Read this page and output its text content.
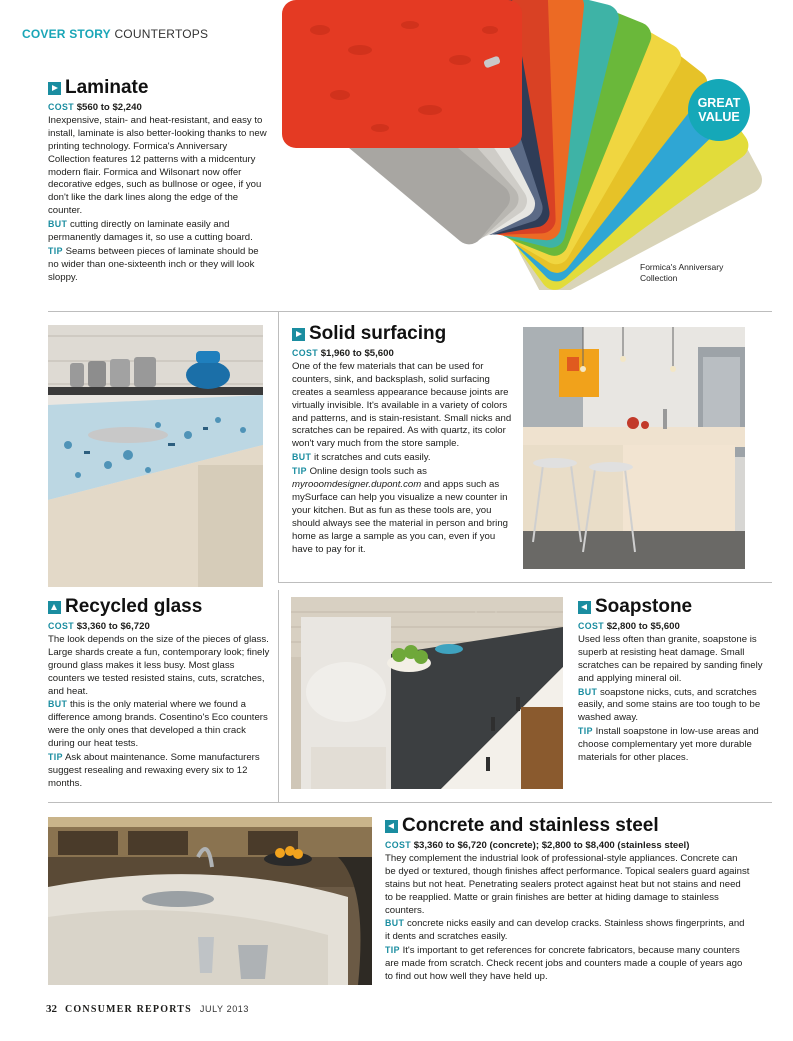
COVER STORY COUNTERTOPS
GREAT
VALUE
Formica's Anniversary Collection
Laminate

COST $560 to $2,240

Inexpensive, stain- and heat-resistant, and easy to install, laminate is also better-looking thanks to new printing technology. Formica's Anniversary Collection features 12 patterns with a midcentury modern flair. Formica and Wilsonart now offer decorative edges, such as bullnose or ogee, if you don't like the dark lines along the edge of the counter.

BUT cutting directly on laminate easily and permanently damages it, so use a cutting board.

TIP Seams between pieces of laminate should be no wider than one-sixteenth inch or they will look sloppy.

Solid surfacing

COST $1,960 to $5,600

One of the few materials that can be used for counters, sink, and backsplash, solid surfacing creates a seamless appearance because joints are virtually invisible. It's available in a variety of colors and patterns, and is stain-resistant. Small nicks and scratches can be repaired. As with quartz, its color won't vary much from the store sample.

BUT it scratches and cuts easily.

TIP Online design tools such as myrooomdesigner.dupont.com and apps such as mySurface can help you visualize a new counter in your kitchen. But as fun as these tools are, you should always see the material in person and bring home as large a sample as you can, even if you have to pay for it.

Recycled glass

COST $3,360 to $6,720

The look depends on the size of the pieces of glass. Large shards create a fun, contemporary look; finely ground glass makes it less busy. Most glass counters we tested resisted stains, cuts, scratches, and heat.

BUT this is the only material where we found a difference among brands. Cosentino's Eco counters were the only ones that developed a thin crack during our heat tests.

TIP Ask about maintenance. Some manufacturers suggest resealing and rewaxing every six to 12 months.

Soapstone

COST $2,800 to $5,600

Used less often than granite, soapstone is superb at resisting heat damage. Small scratches can be repaired by sanding finely and applying mineral oil.

BUT soapstone nicks, cuts, and scratches easily, and some stains are too tough to be washed away.

TIP Install soapstone in low-use areas and choose complementary yet more durable materials for other places.

Concrete and stainless steel

COST $3,360 to $6,720 (concrete); $2,800 to $8,400 (stainless steel)

They complement the industrial look of professional-style appliances. Concrete can be dyed or textured, though finishes affect performance. Topical sealers guard against stains but not heat. Penetrating sealers protect against heat but not stains and need to be reapplied. Matte or grain finishes are better at hiding damage to stainless counters.

BUT concrete nicks easily and can develop cracks. Stainless shows fingerprints, and it dents and scratches easily.

TIP It's important to get references for concrete fabricators, because many counters are made from scratch. Check recent jobs and counters made a couple of years ago to find out how well they have held up.

32 CONSUMER REPORTS JULY 2013
